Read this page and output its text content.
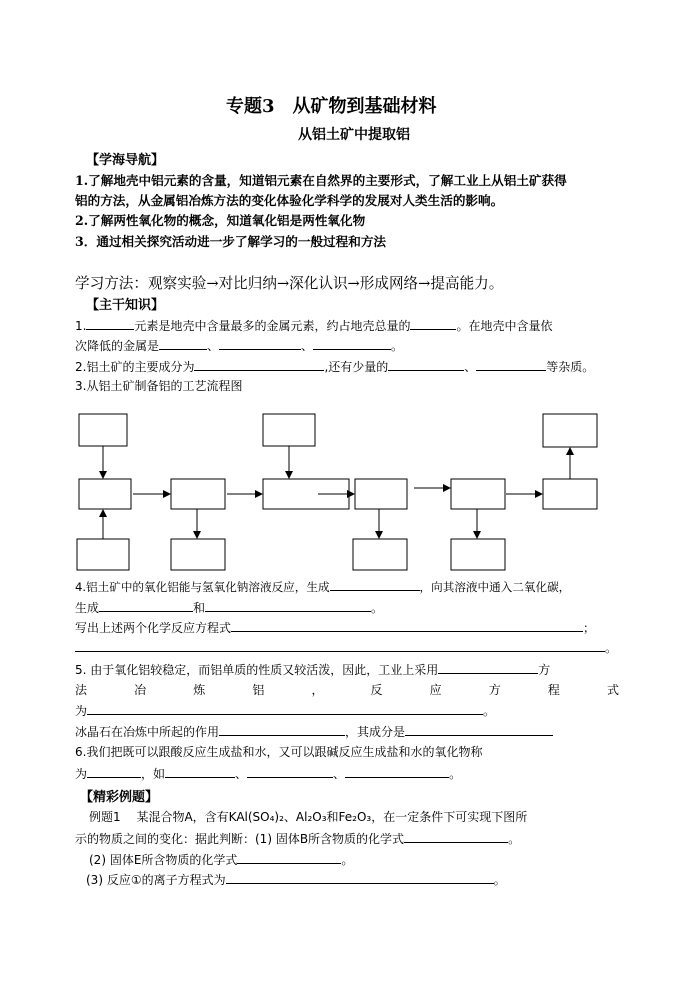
专题3　从矿物到基础材料
从铝土矿中提取铝
【学海导航】
1.了解地壳中铝元素的含量，知道铝元素在自然界的主要形式，了解工业上从铝土矿获得
铝的方法，从金属铝冶炼方法的变化体验化学科学的发展对人类生活的影响。
2.了解两性氧化物的概念，知道氧化铝是两性氧化物
3．通过相关探究活动进一步了解学习的一般过程和方法
学习方法：观察实验→对比归纳→深化认识→形成网络→提高能力。
【主干知识】
1.	元素是地壳中含量最多的金属元素，约占地壳总量的	。在地壳中含量依
次降低的金属是	、	、	。
2.铝土矿的主要成分为	,还有少量的	、	等杂质。
3.从铝土矿制备铝的工艺流程图
4.铝土矿中的氧化铝能与氢氧化钠溶液反应，生成	，向其溶液中通入二氧化碳，
生成	和	。
写出上述两个化学反应方程式	；
。
5. 由于氧化铝较稳定，而铝单质的性质又较活泼，因此，工业上采用	方
法	冶	炼	铝	，	反	应	方	程	式
为	。
冰晶石在冶炼中所起的作用	，其成分是
6.我们把既可以跟酸反应生成盐和水，又可以跟碱反应生成盐和水的氧化物称
为	，如	、	、	。
【精彩例题】
例题1　 某混合物A，含有KAl(SO₄)₂、Al₂O₃和Fe₂O₃，在一定条件下可实现下图所
示的物质之间的变化：据此判断：(1) 固体B所含物质的化学式	。
(2) 固体E所含物质的化学式	。
(3) 反应①的离子方程式为	。
